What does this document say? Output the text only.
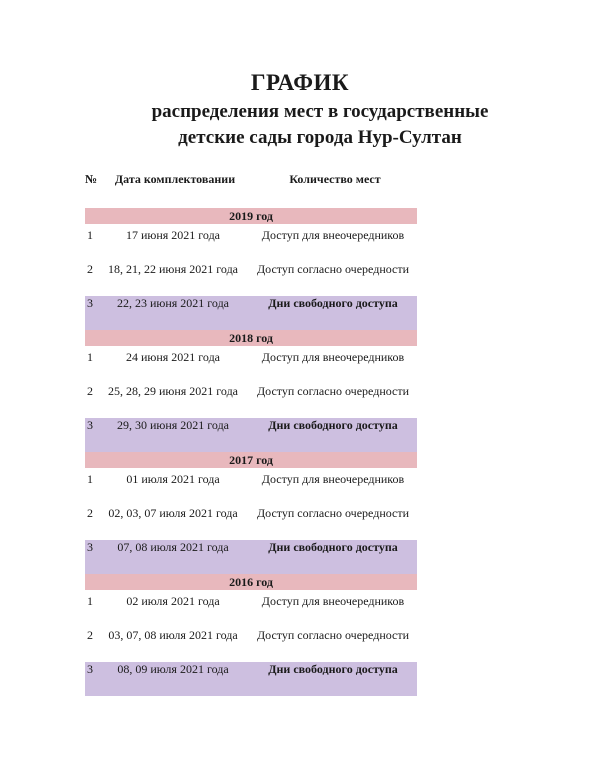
ГРАФИК
распределения мест в государственные
детские сады города Нур-Султан
№	Дата комплектовании	Количество мест
2019 год
1	17 июня 2021 года	Доступ для внеочередников
2	18, 21, 22 июня 2021 года	Доступ согласно очередности
3	22, 23 июня 2021 года	Дни свободного доступа
2018 год
1	24 июня 2021 года	Доступ для внеочередников
2	25, 28, 29 июня 2021 года	Доступ согласно очередности
3	29, 30 июня 2021 года	Дни свободного доступа
2017 год
1	01 июля 2021 года	Доступ для внеочередников
2	02, 03, 07 июля 2021 года	Доступ согласно очередности
3	07, 08 июля 2021 года	Дни свободного доступа
2016 год
1	02 июля 2021 года	Доступ для внеочередников
2	03, 07, 08 июля 2021 года	Доступ согласно очередности
3	08, 09 июля 2021 года	Дни свободного доступа
